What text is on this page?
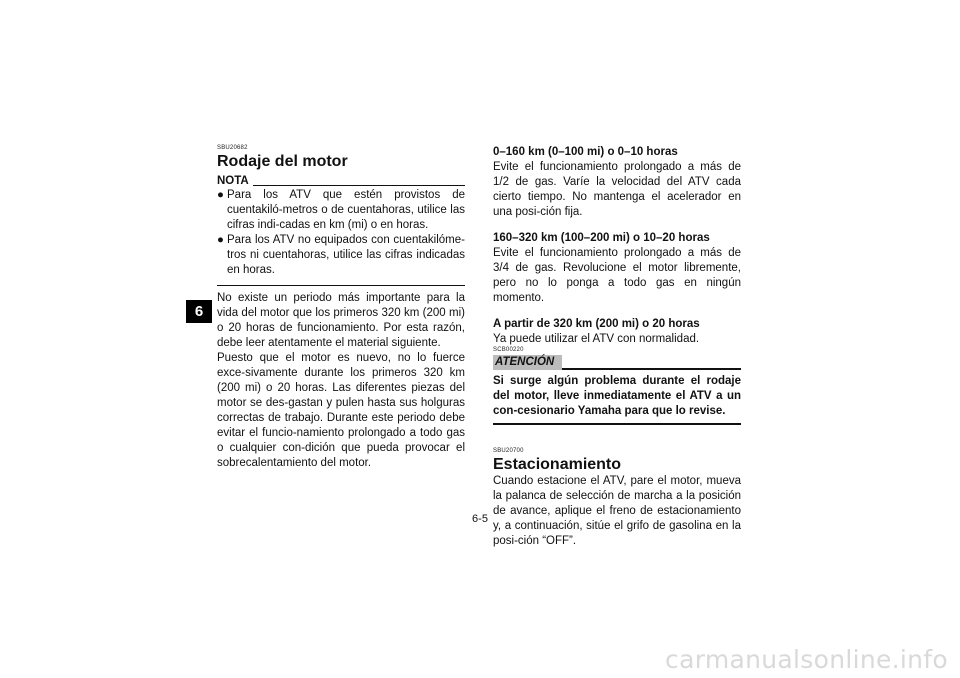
6
SBU20682
Rodaje del motor
NOTA
● Para los ATV que estén provistos de cuentakiló-metros o de cuentahoras, utilice las cifras indi-cadas en km (mi) o en horas.
● Para los ATV no equipados con cuentakilóme-tros ni cuentahoras, utilice las cifras indicadas en horas.

No existe un periodo más importante para la vida del motor que los primeros 320 km (200 mi) o 20 horas de funcionamiento. Por esta razón, debe leer atentamente el material siguiente.

Puesto que el motor es nuevo, no lo fuerce exce-sivamente durante los primeros 320 km (200 mi) o 20 horas. Las diferentes piezas del motor se des-gastan y pulen hasta sus holguras correctas de trabajo. Durante este periodo debe evitar el funcio-namiento prolongado a todo gas o cualquier con-dición que pueda provocar el sobrecalentamiento del motor.

0–160 km (0–100 mi) o 0–10 horas

Evite el funcionamiento prolongado a más de 1/2 de gas. Varíe la velocidad del ATV cada cierto tiempo. No mantenga el acelerador en una posi-ción fija.

160–320 km (100–200 mi) o 10–20 horas

Evite el funcionamiento prolongado a más de 3/4 de gas. Revolucione el motor libremente, pero no lo ponga a todo gas en ningún momento.

A partir de 320 km (200 mi) o 20 horas

Ya puede utilizar el ATV con normalidad.

SCB00220
ATENCIÓN
Si surge algún problema durante el rodaje del motor, lleve inmediatamente el ATV a un con-cesionario Yamaha para que lo revise.
SBU20700
Estacionamiento

Cuando estacione el ATV, pare el motor, mueva la palanca de selección de marcha a la posición de avance, aplique el freno de estacionamiento y, a continuación, sitúe el grifo de gasolina en la posi-ción “OFF”.

6-5
carmanualsonline.info
